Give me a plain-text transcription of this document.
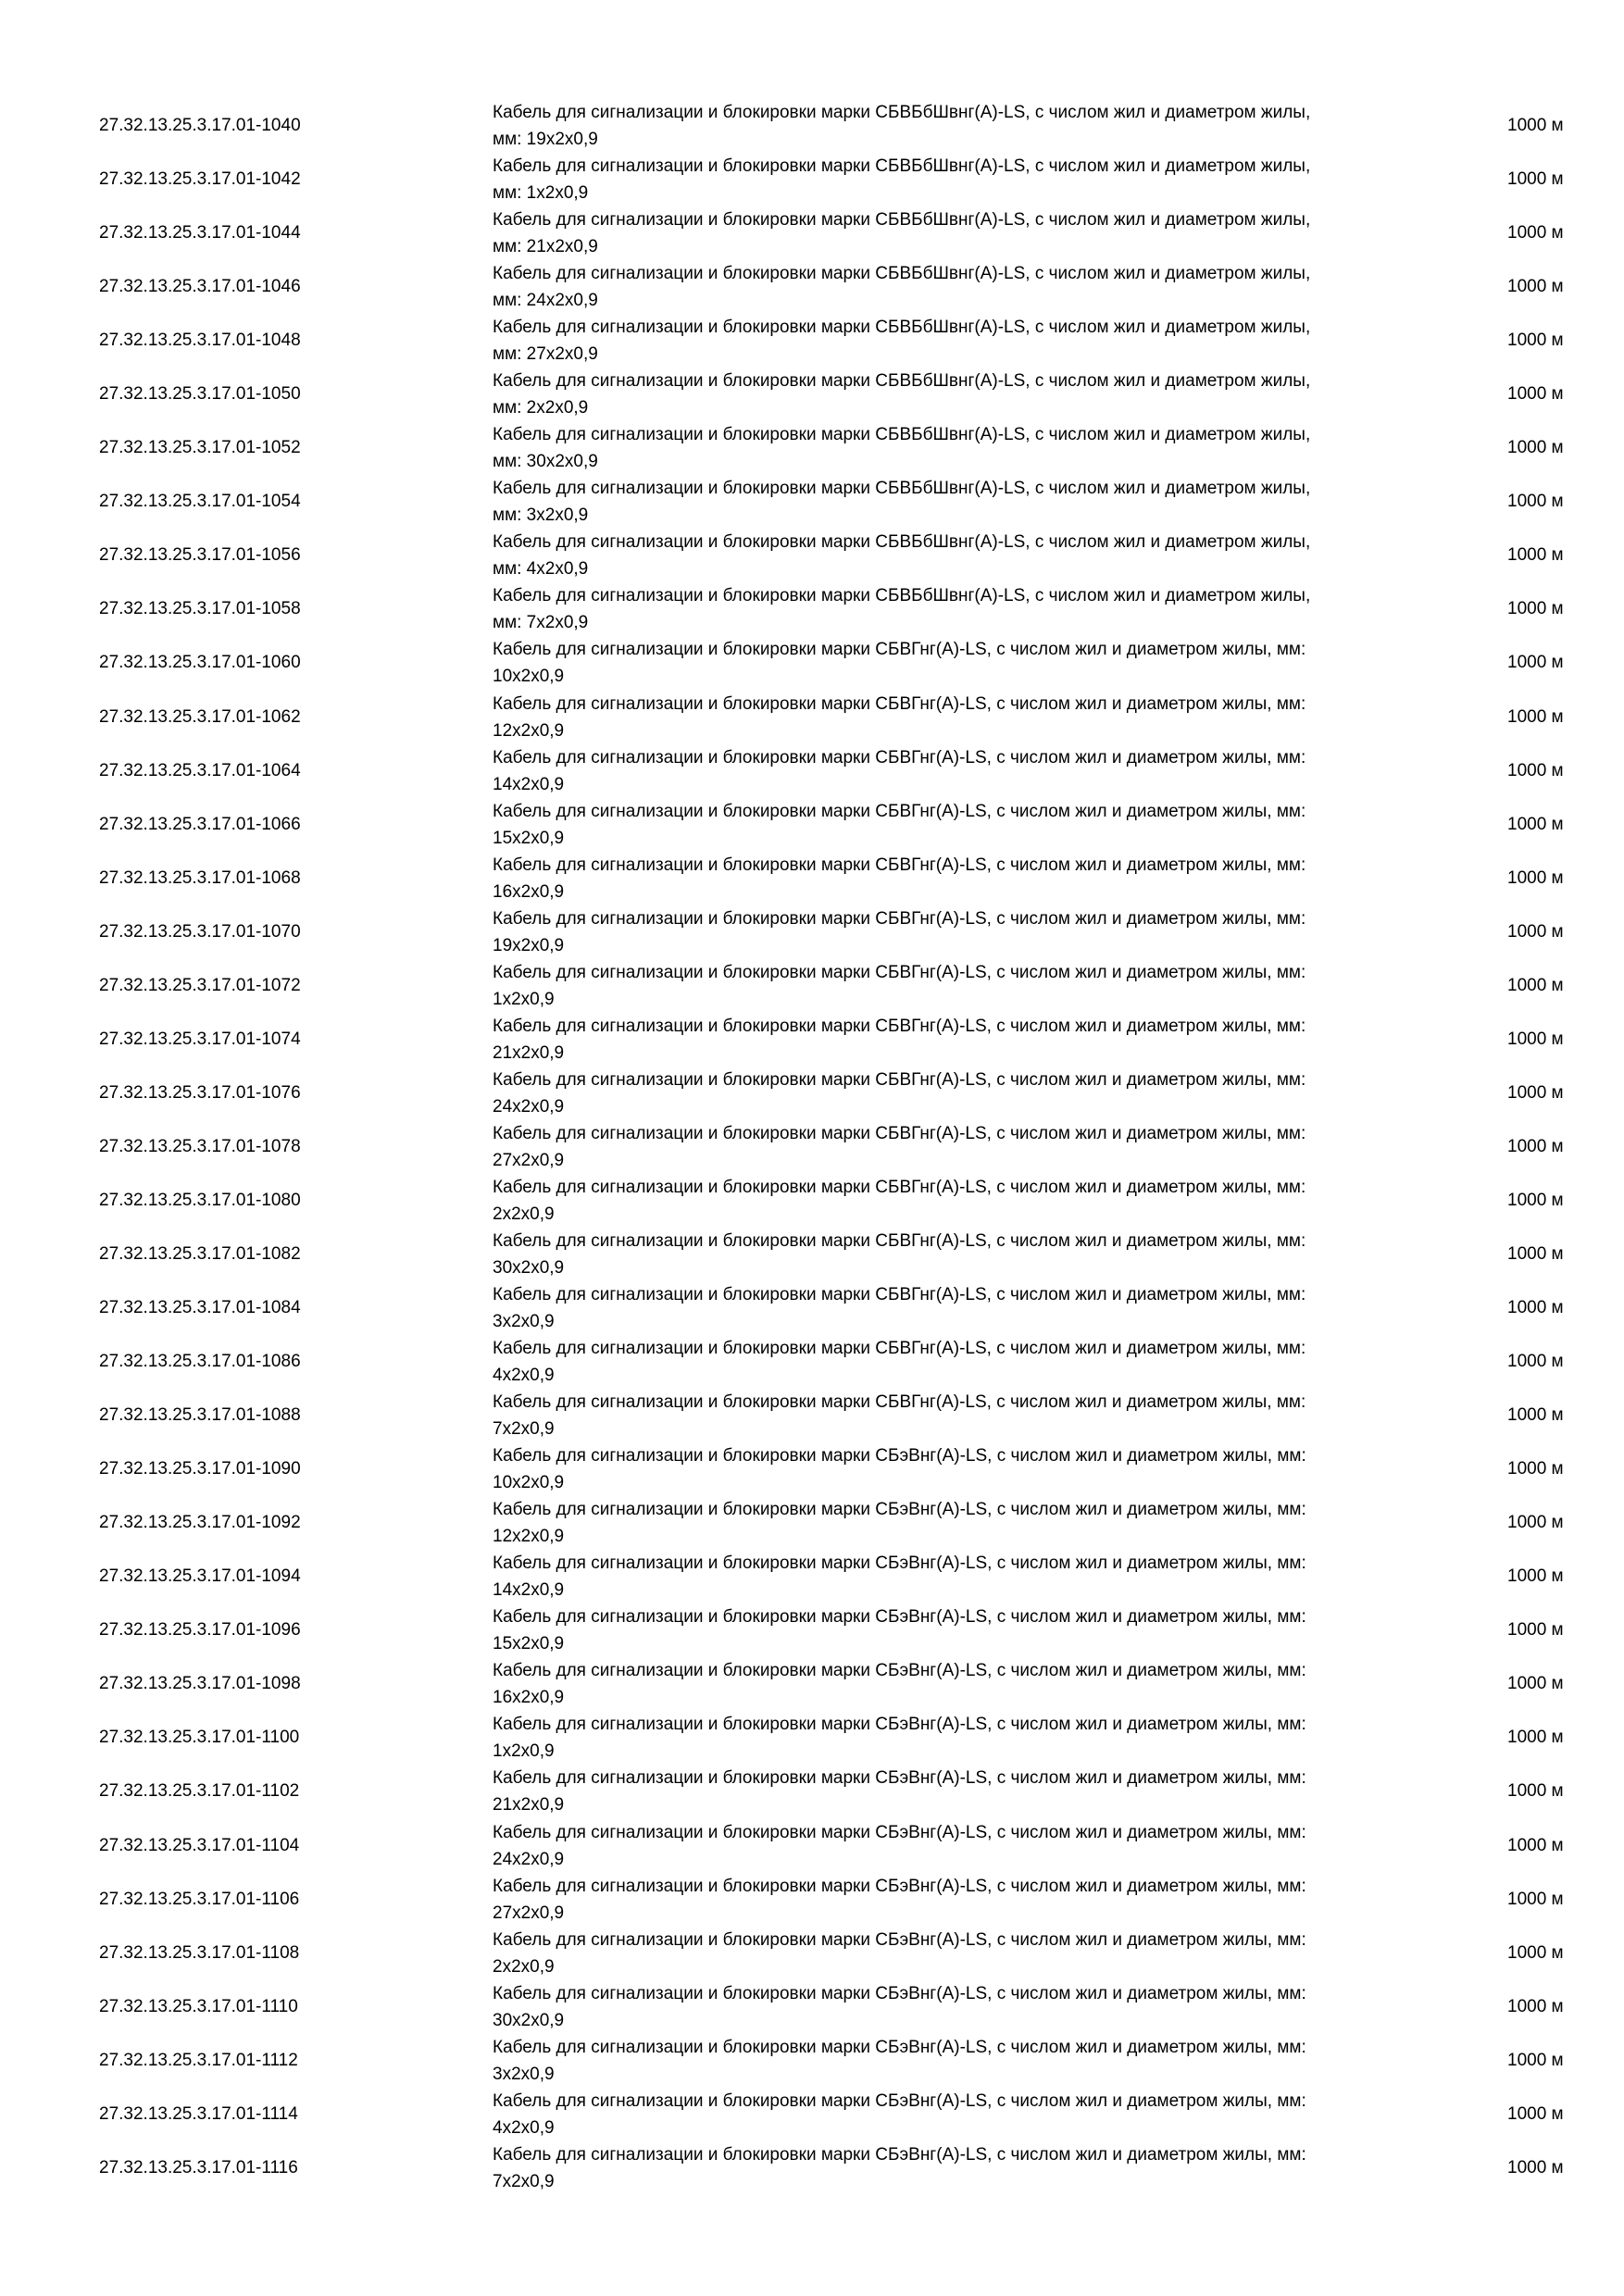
27.32.13.25.3.17.01-1040
Кабель для сигнализации и блокировки марки СБВБбШвнг(А)-LS, с числом жил и диаметром жилы,
мм: 19x2x0,9
1000 м
27.32.13.25.3.17.01-1042
Кабель для сигнализации и блокировки марки СБВБбШвнг(А)-LS, с числом жил и диаметром жилы,
мм: 1x2x0,9
1000 м
27.32.13.25.3.17.01-1044
Кабель для сигнализации и блокировки марки СБВБбШвнг(А)-LS, с числом жил и диаметром жилы,
мм: 21x2x0,9
1000 м
27.32.13.25.3.17.01-1046
Кабель для сигнализации и блокировки марки СБВБбШвнг(А)-LS, с числом жил и диаметром жилы,
мм: 24x2x0,9
1000 м
27.32.13.25.3.17.01-1048
Кабель для сигнализации и блокировки марки СБВБбШвнг(А)-LS, с числом жил и диаметром жилы,
мм: 27x2x0,9
1000 м
27.32.13.25.3.17.01-1050
Кабель для сигнализации и блокировки марки СБВБбШвнг(А)-LS, с числом жил и диаметром жилы,
мм: 2x2x0,9
1000 м
27.32.13.25.3.17.01-1052
Кабель для сигнализации и блокировки марки СБВБбШвнг(А)-LS, с числом жил и диаметром жилы,
мм: 30x2x0,9
1000 м
27.32.13.25.3.17.01-1054
Кабель для сигнализации и блокировки марки СБВБбШвнг(А)-LS, с числом жил и диаметром жилы,
мм: 3x2x0,9
1000 м
27.32.13.25.3.17.01-1056
Кабель для сигнализации и блокировки марки СБВБбШвнг(А)-LS, с числом жил и диаметром жилы,
мм: 4x2x0,9
1000 м
27.32.13.25.3.17.01-1058
Кабель для сигнализации и блокировки марки СБВБбШвнг(А)-LS, с числом жил и диаметром жилы,
мм: 7x2x0,9
1000 м
27.32.13.25.3.17.01-1060
Кабель для сигнализации и блокировки марки СБВГнг(А)-LS, с числом жил и диаметром жилы, мм:
10x2x0,9
1000 м
27.32.13.25.3.17.01-1062
Кабель для сигнализации и блокировки марки СБВГнг(А)-LS, с числом жил и диаметром жилы, мм:
12x2x0,9
1000 м
27.32.13.25.3.17.01-1064
Кабель для сигнализации и блокировки марки СБВГнг(А)-LS, с числом жил и диаметром жилы, мм:
14x2x0,9
1000 м
27.32.13.25.3.17.01-1066
Кабель для сигнализации и блокировки марки СБВГнг(А)-LS, с числом жил и диаметром жилы, мм:
15x2x0,9
1000 м
27.32.13.25.3.17.01-1068
Кабель для сигнализации и блокировки марки СБВГнг(А)-LS, с числом жил и диаметром жилы, мм:
16x2x0,9
1000 м
27.32.13.25.3.17.01-1070
Кабель для сигнализации и блокировки марки СБВГнг(А)-LS, с числом жил и диаметром жилы, мм:
19x2x0,9
1000 м
27.32.13.25.3.17.01-1072
Кабель для сигнализации и блокировки марки СБВГнг(А)-LS, с числом жил и диаметром жилы, мм:
1x2x0,9
1000 м
27.32.13.25.3.17.01-1074
Кабель для сигнализации и блокировки марки СБВГнг(А)-LS, с числом жил и диаметром жилы, мм:
21x2x0,9
1000 м
27.32.13.25.3.17.01-1076
Кабель для сигнализации и блокировки марки СБВГнг(А)-LS, с числом жил и диаметром жилы, мм:
24x2x0,9
1000 м
27.32.13.25.3.17.01-1078
Кабель для сигнализации и блокировки марки СБВГнг(А)-LS, с числом жил и диаметром жилы, мм:
27x2x0,9
1000 м
27.32.13.25.3.17.01-1080
Кабель для сигнализации и блокировки марки СБВГнг(А)-LS, с числом жил и диаметром жилы, мм:
2x2x0,9
1000 м
27.32.13.25.3.17.01-1082
Кабель для сигнализации и блокировки марки СБВГнг(А)-LS, с числом жил и диаметром жилы, мм:
30x2x0,9
1000 м
27.32.13.25.3.17.01-1084
Кабель для сигнализации и блокировки марки СБВГнг(А)-LS, с числом жил и диаметром жилы, мм:
3x2x0,9
1000 м
27.32.13.25.3.17.01-1086
Кабель для сигнализации и блокировки марки СБВГнг(А)-LS, с числом жил и диаметром жилы, мм:
4x2x0,9
1000 м
27.32.13.25.3.17.01-1088
Кабель для сигнализации и блокировки марки СБВГнг(А)-LS, с числом жил и диаметром жилы, мм:
7x2x0,9
1000 м
27.32.13.25.3.17.01-1090
Кабель для сигнализации и блокировки марки СБэВнг(А)-LS, с числом жил и диаметром жилы, мм:
10x2x0,9
1000 м
27.32.13.25.3.17.01-1092
Кабель для сигнализации и блокировки марки СБэВнг(А)-LS, с числом жил и диаметром жилы, мм:
12x2x0,9
1000 м
27.32.13.25.3.17.01-1094
Кабель для сигнализации и блокировки марки СБэВнг(А)-LS, с числом жил и диаметром жилы, мм:
14x2x0,9
1000 м
27.32.13.25.3.17.01-1096
Кабель для сигнализации и блокировки марки СБэВнг(А)-LS, с числом жил и диаметром жилы, мм:
15x2x0,9
1000 м
27.32.13.25.3.17.01-1098
Кабель для сигнализации и блокировки марки СБэВнг(А)-LS, с числом жил и диаметром жилы, мм:
16x2x0,9
1000 м
27.32.13.25.3.17.01-1100
Кабель для сигнализации и блокировки марки СБэВнг(А)-LS, с числом жил и диаметром жилы, мм:
1x2x0,9
1000 м
27.32.13.25.3.17.01-1102
Кабель для сигнализации и блокировки марки СБэВнг(А)-LS, с числом жил и диаметром жилы, мм:
21x2x0,9
1000 м
27.32.13.25.3.17.01-1104
Кабель для сигнализации и блокировки марки СБэВнг(А)-LS, с числом жил и диаметром жилы, мм:
24x2x0,9
1000 м
27.32.13.25.3.17.01-1106
Кабель для сигнализации и блокировки марки СБэВнг(А)-LS, с числом жил и диаметром жилы, мм:
27x2x0,9
1000 м
27.32.13.25.3.17.01-1108
Кабель для сигнализации и блокировки марки СБэВнг(А)-LS, с числом жил и диаметром жилы, мм:
2x2x0,9
1000 м
27.32.13.25.3.17.01-1110
Кабель для сигнализации и блокировки марки СБэВнг(А)-LS, с числом жил и диаметром жилы, мм:
30x2x0,9
1000 м
27.32.13.25.3.17.01-1112
Кабель для сигнализации и блокировки марки СБэВнг(А)-LS, с числом жил и диаметром жилы, мм:
3x2x0,9
1000 м
27.32.13.25.3.17.01-1114
Кабель для сигнализации и блокировки марки СБэВнг(А)-LS, с числом жил и диаметром жилы, мм:
4x2x0,9
1000 м
27.32.13.25.3.17.01-1116
Кабель для сигнализации и блокировки марки СБэВнг(А)-LS, с числом жил и диаметром жилы, мм:
7x2x0,9
1000 м
